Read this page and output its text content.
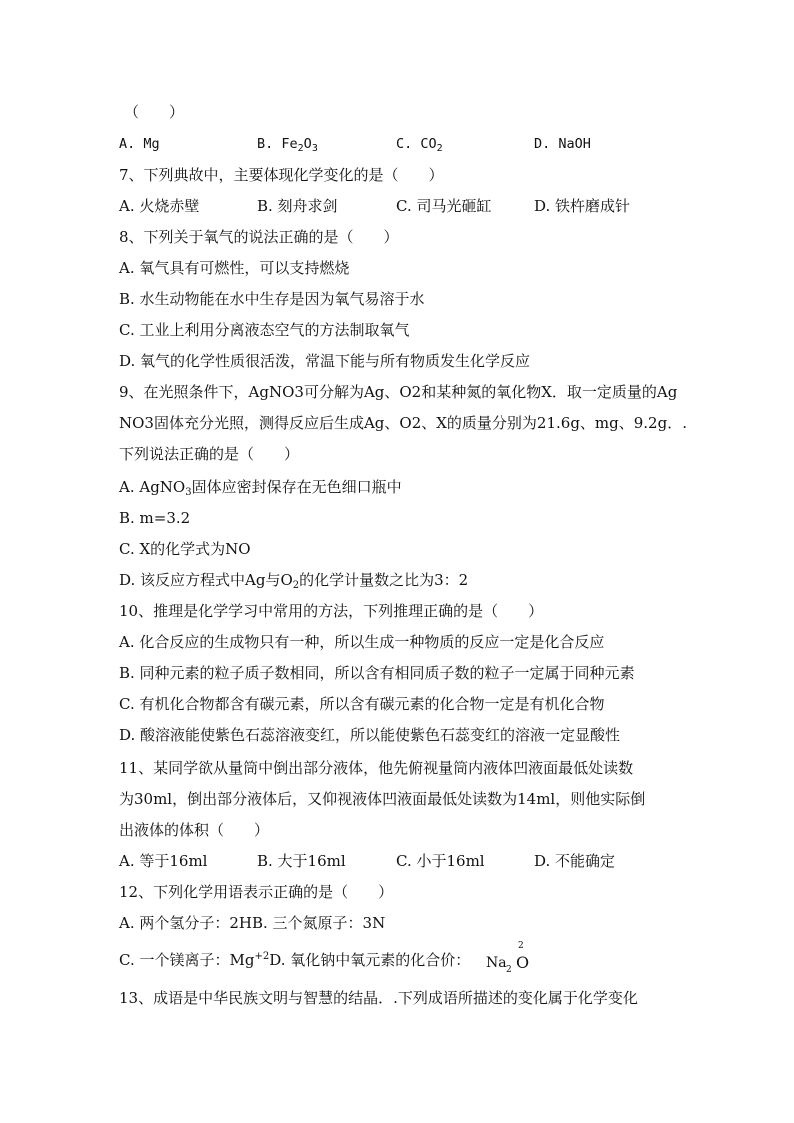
（　　）
A. Mg	B. $Fe_2O_3$	C. $CO_2$	D. NaOH
7、下列典故中，主要体现化学变化的是（　　）
A. 火烧赤壁	B. 刻舟求剑	C. 司马光砸缸	D. 铁杵磨成针
8、下列关于氧气的说法正确的是（　　）
A. 氧气具有可燃性，可以支持燃烧
B. 水生动物能在水中生存是因为氧气易溶于水
C. 工业上利用分离液态空气的方法制取氧气
D. 氧气的化学性质很活泼，常温下能与所有物质发生化学反应
9、在光照条件下，AgNO3可分解为Ag、O2和某种氮的氧化物X．取一定质量的Ag
NO3固体充分光照，测得反应后生成Ag、O2、X的质量分别为21.6g、mg、9.2g．.
下列说法正确的是（　　）
A. AgNO$_3$固体应密封保存在无色细口瓶中
B. m=3.2
C. X的化学式为NO
D. 该反应方程式中Ag与$O_2$的化学计量数之比为3：2
10、推理是化学学习中常用的方法，下列推理正确的是（　　）
A. 化合反应的生成物只有一种，所以生成一种物质的反应一定是化合反应
B. 同种元素的粒子质子数相同，所以含有相同质子数的粒子一定属于同种元素
C. 有机化合物都含有碳元素，所以含有碳元素的化合物一定是有机化合物
D. 酸溶液能使紫色石蕊溶液变红，所以能使紫色石蕊变红的溶液一定显酸性
11、某同学欲从量筒中倒出部分液体，他先俯视量筒内液体凹液面最低处读数
为30ml，倒出部分液体后，又仰视液体凹液面最低处读数为14ml，则他实际倒
出液体的体积（　　）
A. 等于16ml	B. 大于16ml	C. 小于16ml	D. 不能确定
12、下列化学用语表示正确的是（　　）
A. 两个氢分子：2HB. 三个氮原子：3N
C. 一个镁离子：$Mg^{+2}D$. 氧化钠中氧元素的化合价： Na 2 O
2
13、成语是中华民族文明与智慧的结晶．.下列成语所描述的变化属于化学变化
